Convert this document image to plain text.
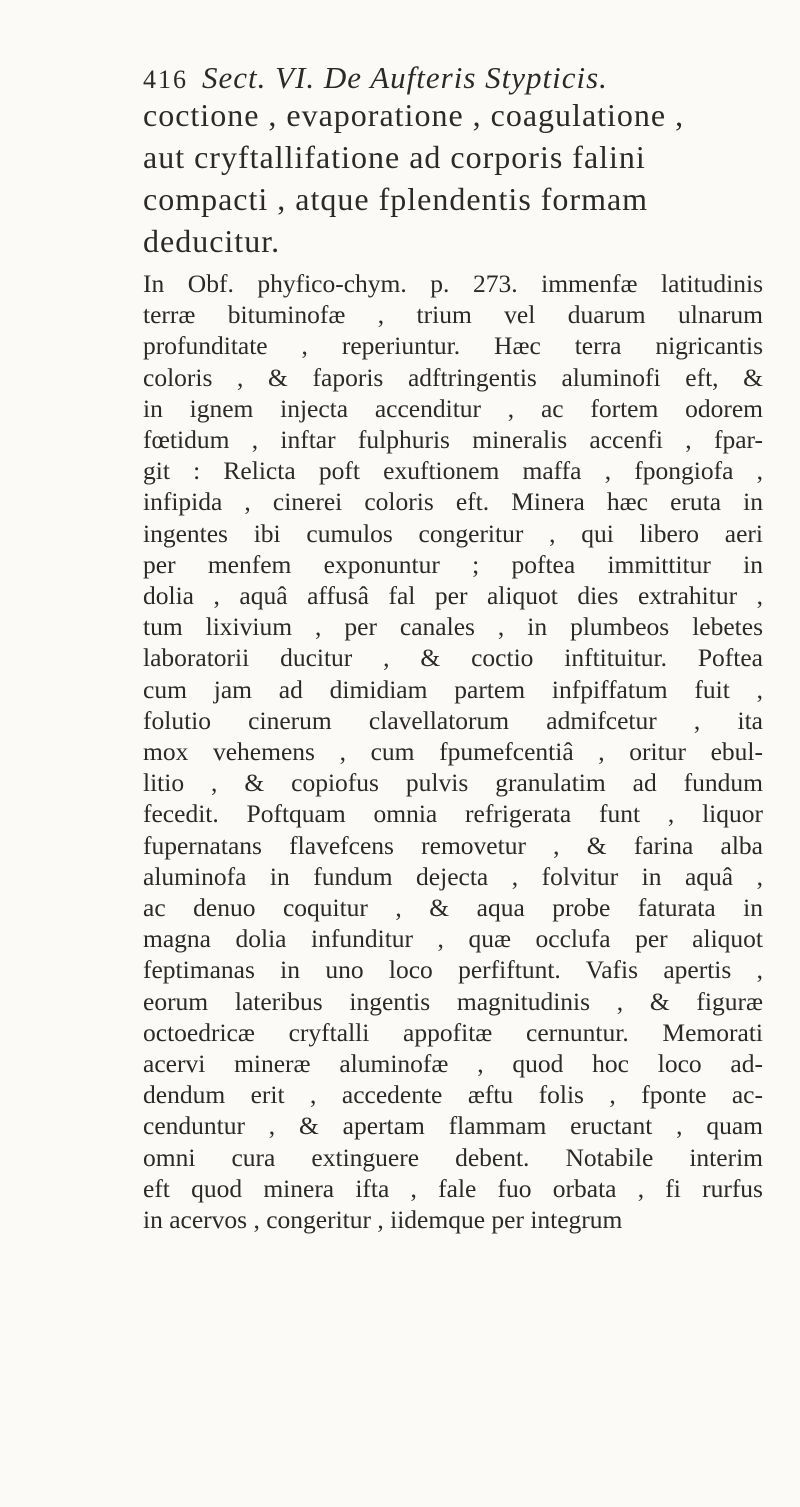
416 Sect. VI. De Aufteris Stypticis.
coctione , evaporatione , coagulatione ,
aut cryftallifatione ad corporis falini
compacti , atque fplendentis formam
deducitur.
In Obf. phyfico-chym. p. 273. immenfæ latitudinis
terræ bituminofæ , trium vel duarum ulnarum
profunditate , reperiuntur. Hæc terra nigricantis
coloris , & faporis adftringentis aluminofi eft, &
in ignem injecta accenditur , ac fortem odorem
fœtidum , inftar fulphuris mineralis accenfi , fpar-
git : Relicta poft exuftionem maffa , fpongiofa ,
infipida , cinerei coloris eft. Minera hæc eruta in
ingentes ibi cumulos congeritur , qui libero aeri
per menfem exponuntur ; poftea immittitur in
dolia , aquâ affusâ fal per aliquot dies extrahitur ,
tum lixivium , per canales , in plumbeos lebetes
laboratorii ducitur , & coctio inftituitur. Poftea
cum jam ad dimidiam partem infpiffatum fuit ,
folutio cinerum clavellatorum admifcetur , ita
mox vehemens , cum fpumefcentiâ , oritur ebul-
litio , & copiofus pulvis granulatim ad fundum
fecedit. Poftquam omnia refrigerata funt , liquor
fupernatans flavefcens removetur , & farina alba
aluminofa in fundum dejecta , folvitur in aquâ ,
ac denuo coquitur , & aqua probe faturata in
magna dolia infunditur , quæ occlufa per aliquot
feptimanas in uno loco perfiftunt. Vafis apertis ,
eorum lateribus ingentis magnitudinis , & figuræ
octoedricæ cryftalli appofitæ cernuntur. Memorati
acervi mineræ aluminofæ , quod hoc loco ad-
dendum erit , accedente æftu folis , fponte ac-
cenduntur , & apertam flammam eructant , quam
omni cura extinguere debent. Notabile interim
eft quod minera ifta , fale fuo orbata , fi rurfus
in acervos , congeritur , iidemque per integrum
